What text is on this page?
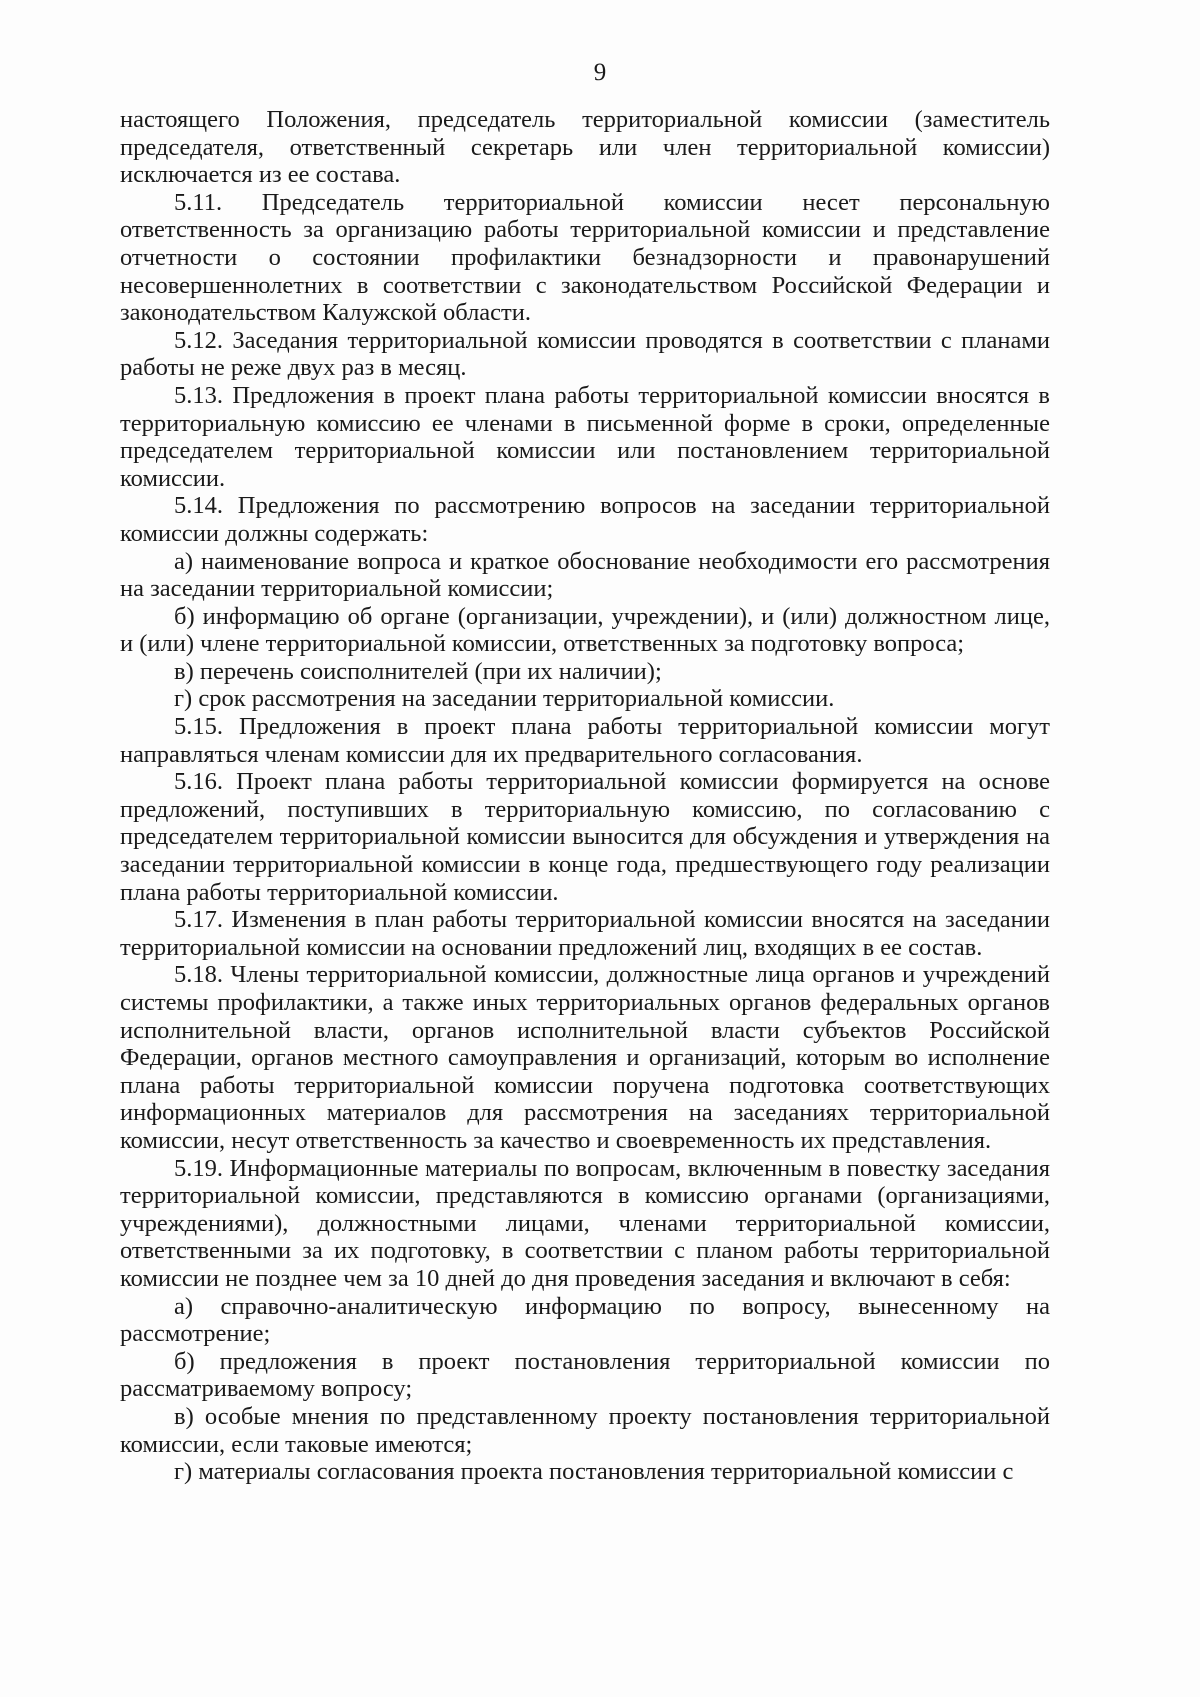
9

настоящего Положения, председатель территориальной комиссии (заместитель председателя, ответственный секретарь или член территориальной комиссии) исключается из ее состава.

5.11. Председатель территориальной комиссии несет персональную ответственность за организацию работы территориальной комиссии и представление отчетности о состоянии профилактики безнадзорности и правонарушений несовершеннолетних в соответствии с законодательством Российской Федерации и законодательством Калужской области.

5.12. Заседания территориальной комиссии проводятся в соответствии с планами работы не реже двух раз в месяц.

5.13. Предложения в проект плана работы территориальной комиссии вносятся в территориальную комиссию ее членами в письменной форме в сроки, определенные председателем территориальной комиссии или постановлением территориальной комиссии.

5.14. Предложения по рассмотрению вопросов на заседании территориальной комиссии должны содержать:

а) наименование вопроса и краткое обоснование необходимости его рассмотрения на заседании территориальной комиссии;

б) информацию об органе (организации, учреждении), и (или) должностном лице, и (или) члене территориальной комиссии, ответственных за подготовку вопроса;

в) перечень соисполнителей (при их наличии);

г) срок рассмотрения на заседании территориальной комиссии.

5.15. Предложения в проект плана работы территориальной комиссии могут направляться членам комиссии для их предварительного согласования.

5.16. Проект плана работы территориальной комиссии формируется на основе предложений, поступивших в территориальную комиссию, по согласованию с председателем территориальной комиссии выносится для обсуждения и утверждения на заседании территориальной комиссии в конце года, предшествующего году реализации плана работы территориальной комиссии.

5.17. Изменения в план работы территориальной комиссии вносятся на заседании территориальной комиссии на основании предложений лиц, входящих в ее состав.

5.18. Члены территориальной комиссии, должностные лица органов и учреждений системы профилактики, а также иных территориальных органов федеральных органов исполнительной власти, органов исполнительной власти субъектов Российской Федерации, органов местного самоуправления и организаций, которым во исполнение плана работы территориальной комиссии поручена подготовка соответствующих информационных материалов для рассмотрения на заседаниях территориальной комиссии, несут ответственность за качество и своевременность их представления.

5.19. Информационные материалы по вопросам, включенным в повестку заседания территориальной комиссии, представляются в комиссию органами (организациями, учреждениями), должностными лицами, членами территориальной комиссии, ответственными за их подготовку, в соответствии с планом работы территориальной комиссии не позднее чем за 10 дней до дня проведения заседания и включают в себя:

а) справочно-аналитическую информацию по вопросу, вынесенному на рассмотрение;

б) предложения в проект постановления территориальной комиссии по рассматриваемому вопросу;

в) особые мнения по представленному проекту постановления территориальной комиссии, если таковые имеются;

г) материалы согласования проекта постановления территориальной комиссии с
